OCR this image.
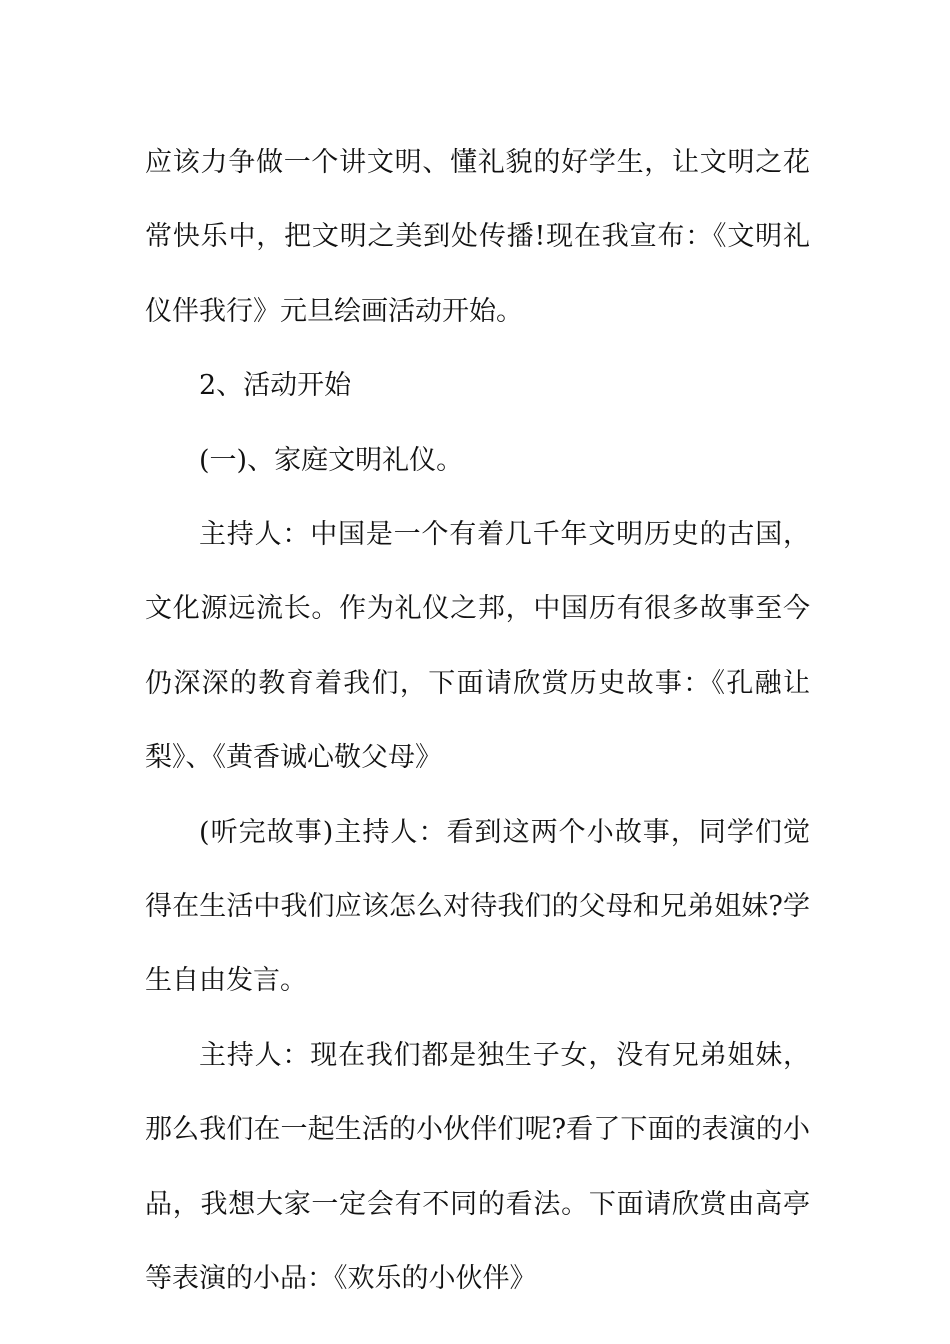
应该力争做一个讲文明、懂礼貌的好学生，让文明之花常快乐中，把文明之美到处传播!现在我宣布：《文明礼仪伴我行》元旦绘画活动开始。

2、活动开始

(一)、家庭文明礼仪。

主持人：中国是一个有着几千年文明历史的古国，文化源远流长。作为礼仪之邦，中国历有很多故事至今仍深深的教育着我们，下面请欣赏历史故事：《孔融让梨》、《黄香诚心敬父母》

(听完故事)主持人：看到这两个小故事，同学们觉得在生活中我们应该怎么对待我们的父母和兄弟姐妹?学生自由发言。

主持人：现在我们都是独生子女，没有兄弟姐妹，那么我们在一起生活的小伙伴们呢?看了下面的表演的小品，我想大家一定会有不同的看法。下面请欣赏由高亭等表演的小品：《欢乐的小伙伴》
